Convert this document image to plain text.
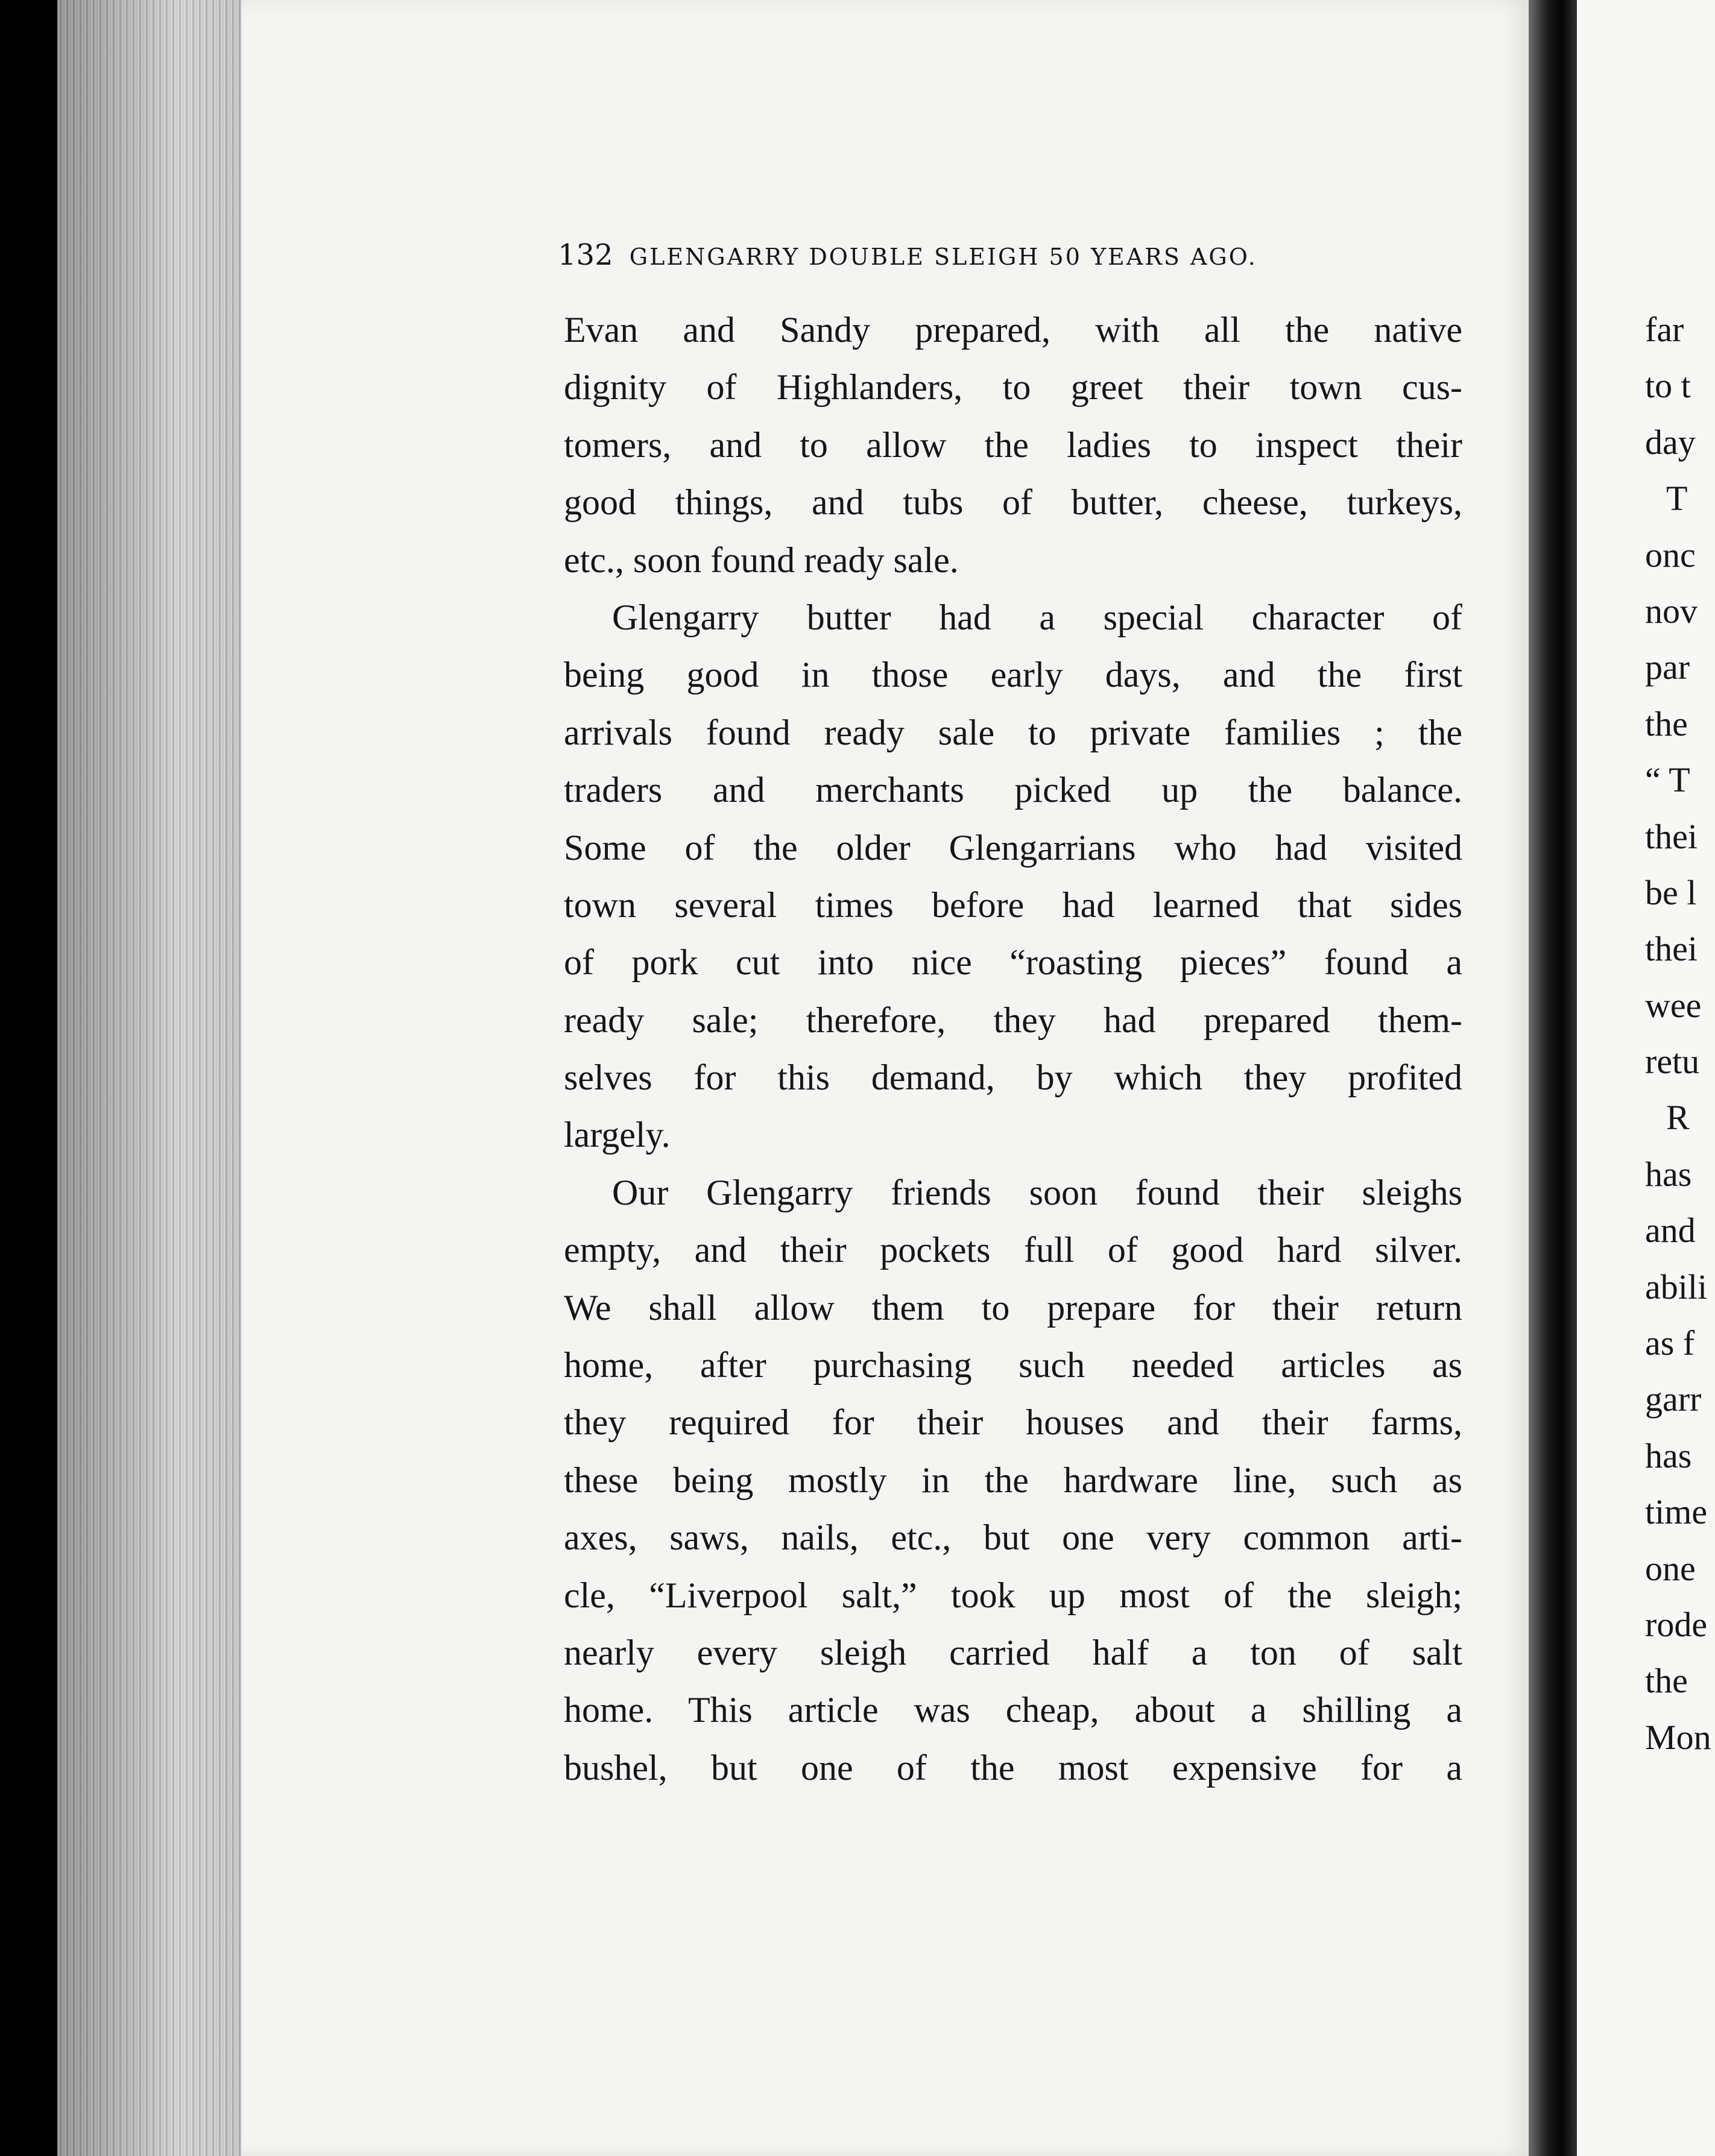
132 GLENGARRY DOUBLE SLEIGH 50 YEARS AGO.
Evan and Sandy prepared, with all the native
dignity of Highlanders, to greet their town cus-
tomers, and to allow the ladies to inspect their
good things, and tubs of butter, cheese, turkeys,
etc., soon found ready sale.
Glengarry butter had a special character of
being good in those early days, and the first
arrivals found ready sale to private families ; the
traders and merchants picked up the balance.
Some of the older Glengarrians who had visited
town several times before had learned that sides
of pork cut into nice “roasting pieces” found a
ready sale; therefore, they had prepared them-
selves for this demand, by which they profited
largely.
Our Glengarry friends soon found their sleighs
empty, and their pockets full of good hard silver.
We shall allow them to prepare for their return
home, after purchasing such needed articles as
they required for their houses and their farms,
these being mostly in the hardware line, such as
axes, saws, nails, etc., but one very common arti-
cle, “Liverpool salt,” took up most of the sleigh;
nearly every sleigh carried half a ton of salt
home. This article was cheap, about a shilling a
bushel, but one of the most expensive for a
far
to t
day
T
onc
nov
par
the
“ T
thei
be l
thei
wee
retu
R
has
and
abili
as f
garr
has
time
one
rode
the
Mon
